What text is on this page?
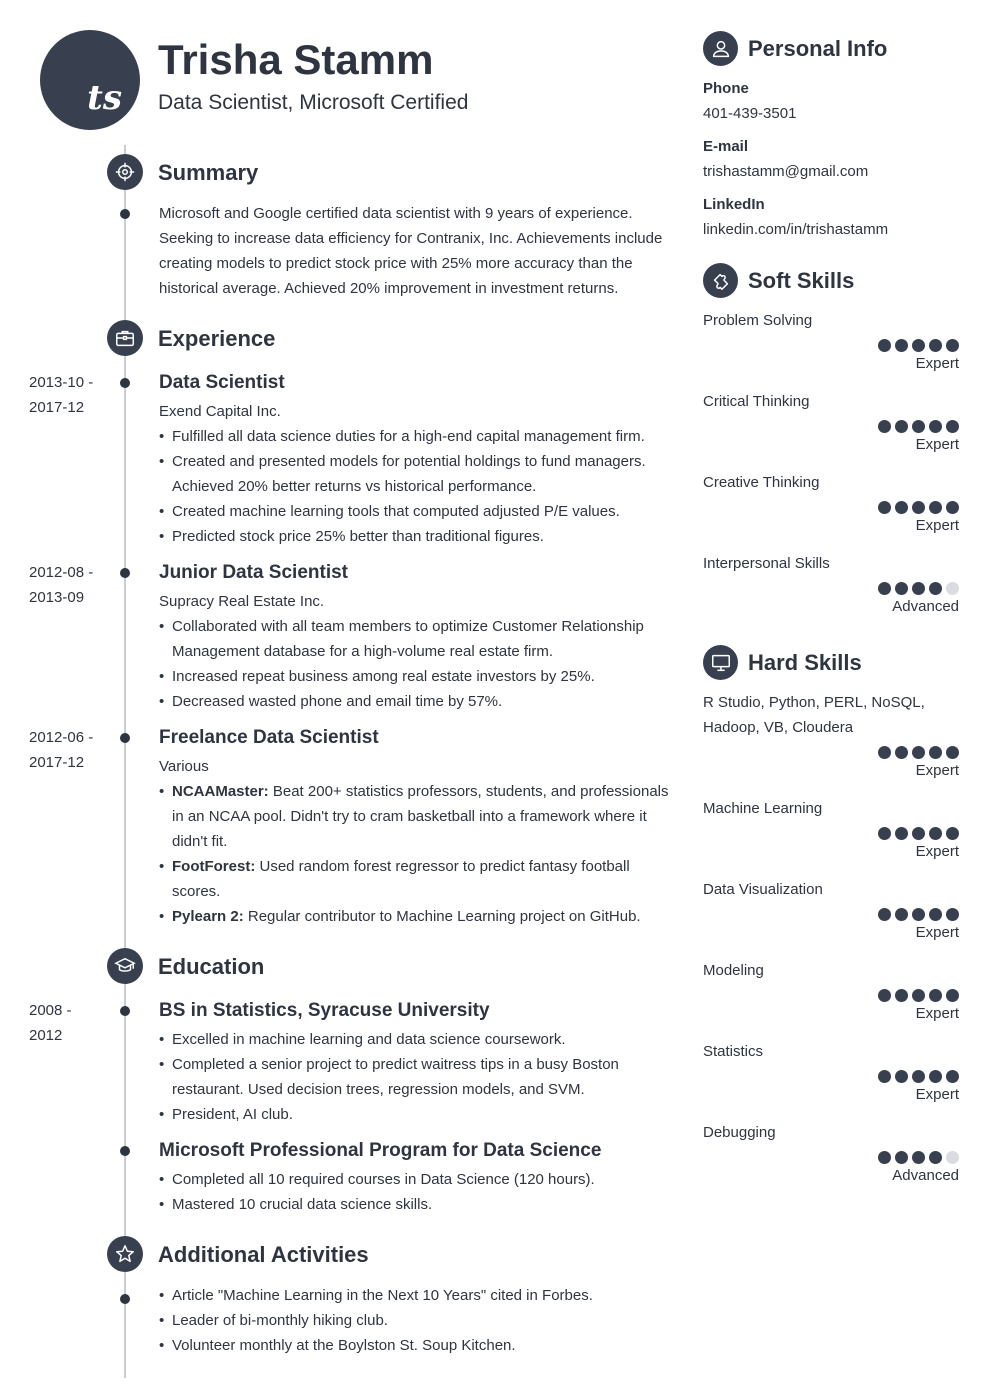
ts
Trisha Stamm
Data Scientist, Microsoft Certified
Summary
Microsoft and Google certified data scientist with 9 years of experience. Seeking to increase data efficiency for Contranix, Inc. Achievements include creating models to predict stock price with 25% more accuracy than the historical average. Achieved 20% improvement in investment returns.
Experience
2013-10 -
2017-12
Data Scientist
Exend Capital Inc.
• Fulfilled all data science duties for a high-end capital management firm.
• Created and presented models for potential holdings to fund managers. Achieved 20% better returns vs historical performance.
• Created machine learning tools that computed adjusted P/E values.
• Predicted stock price 25% better than traditional figures.
2012-08 -
2013-09
Junior Data Scientist
Supracy Real Estate Inc.
• Collaborated with all team members to optimize Customer Relationship Management database for a high-volume real estate firm.
• Increased repeat business among real estate investors by 25%.
• Decreased wasted phone and email time by 57%.
2012-06 -
2017-12
Freelance Data Scientist
Various
• NCAAMaster: Beat 200+ statistics professors, students, and professionals in an NCAA pool. Didn't try to cram basketball into a framework where it didn't fit.
• FootForest: Used random forest regressor to predict fantasy football scores.
• Pylearn 2: Regular contributor to Machine Learning project on GitHub.
Education
2008 -
2012
BS in Statistics, Syracuse University
• Excelled in machine learning and data science coursework.
• Completed a senior project to predict waitress tips in a busy Boston restaurant. Used decision trees, regression models, and SVM.
• President, AI club.
Microsoft Professional Program for Data Science
• Completed all 10 required courses in Data Science (120 hours).
• Mastered 10 crucial data science skills.
Additional Activities
• Article "Machine Learning in the Next 10 Years" cited in Forbes.
• Leader of bi-monthly hiking club.
• Volunteer monthly at the Boylston St. Soup Kitchen.
Personal Info
Phone
401-439-3501
E-mail
trishastamm@gmail.com
LinkedIn
linkedin.com/in/trishastamm
Soft Skills
Problem Solving
Expert
Critical Thinking
Expert
Creative Thinking
Expert
Interpersonal Skills
Advanced
Hard Skills
R Studio, Python, PERL, NoSQL, Hadoop, VB, Cloudera
Expert
Machine Learning
Expert
Data Visualization
Expert
Modeling
Expert
Statistics
Expert
Debugging
Advanced
